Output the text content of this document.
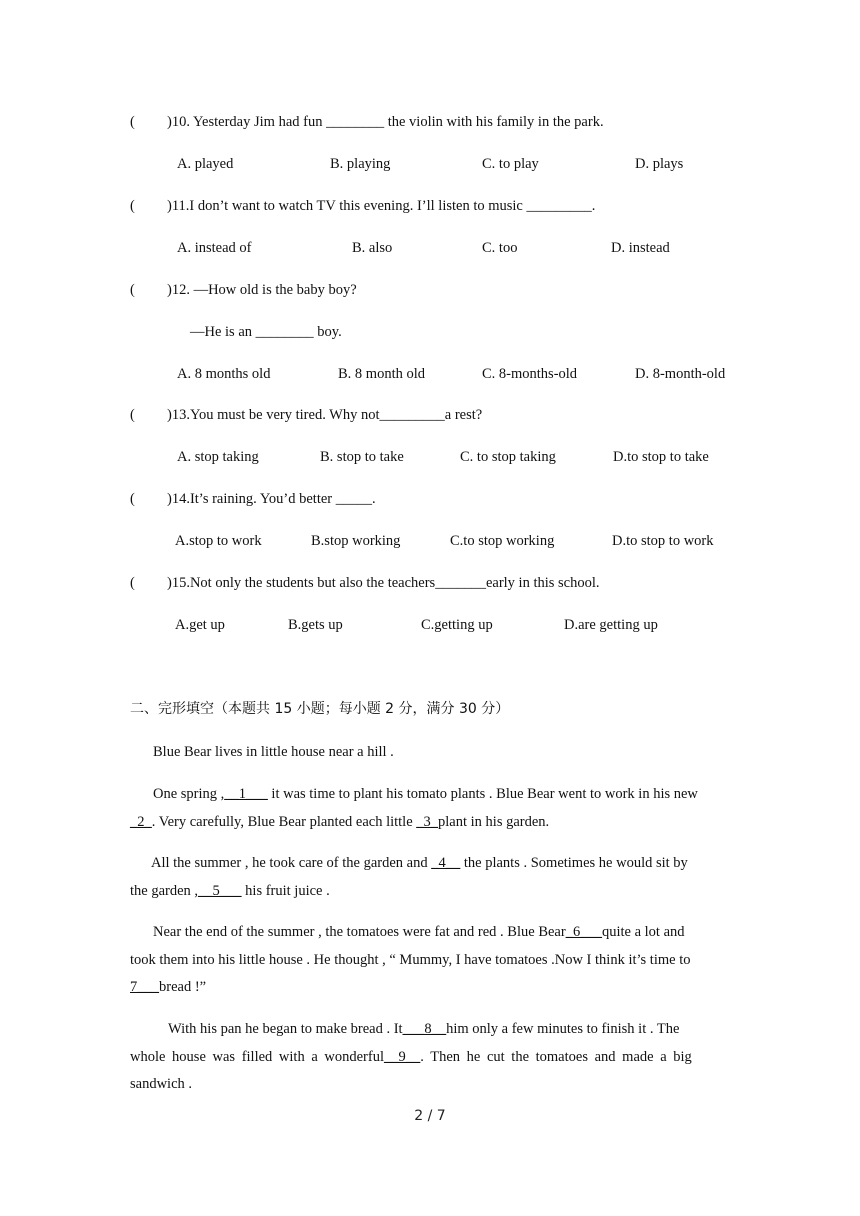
( )10. Yesterday Jim had fun ________ the violin with his family in the park.
A. played	B. playing	C. to play	D. plays
( )11.I don’t want to watch TV this evening. I’ll listen to music _________.
A. instead of	B. also	C. too	D. instead
( )12. —How old is the baby boy?
—He is an ________ boy.
A. 8 months old	B. 8 month old	C. 8-months-old	D. 8-month-old
( )13.You must be very tired. Why not_________a rest?
A. stop taking	B. stop to take	C. to stop taking	D.to stop to take
( )14.It’s raining. You’d better _____.
A.stop to work	B.stop working	C.to stop working	D.to stop to work
( )15.Not only the students but also the teachers_______early in this school.
A.get up	B.gets up	C.getting up	D.are getting up
二、完形填空（本题共 15 小题；每小题 2 分，满分 30 分）
Blue Bear lives in little house near a hill .
One spring ,__1___ it was time to plant his tomato plants . Blue Bear went to work in his new
_2_. Very carefully, Blue Bear planted each little _3_plant in his garden.
All the summer , he took care of the garden and _4__ the plants . Sometimes he would sit by
the garden ,__5___ his fruit juice .
Near the end of the summer , the tomatoes were fat and red . Blue Bear_6___quite a lot and
took them into his little house . He thought , “ Mummy, I have tomatoes .Now I think it’s time to
7___bread !”
With his pan he began to make bread . It___8__him only a few minutes to finish it . The
whole house was filled with a wonderful__9__. Then he cut the tomatoes and made a big
sandwich .
2 / 7
